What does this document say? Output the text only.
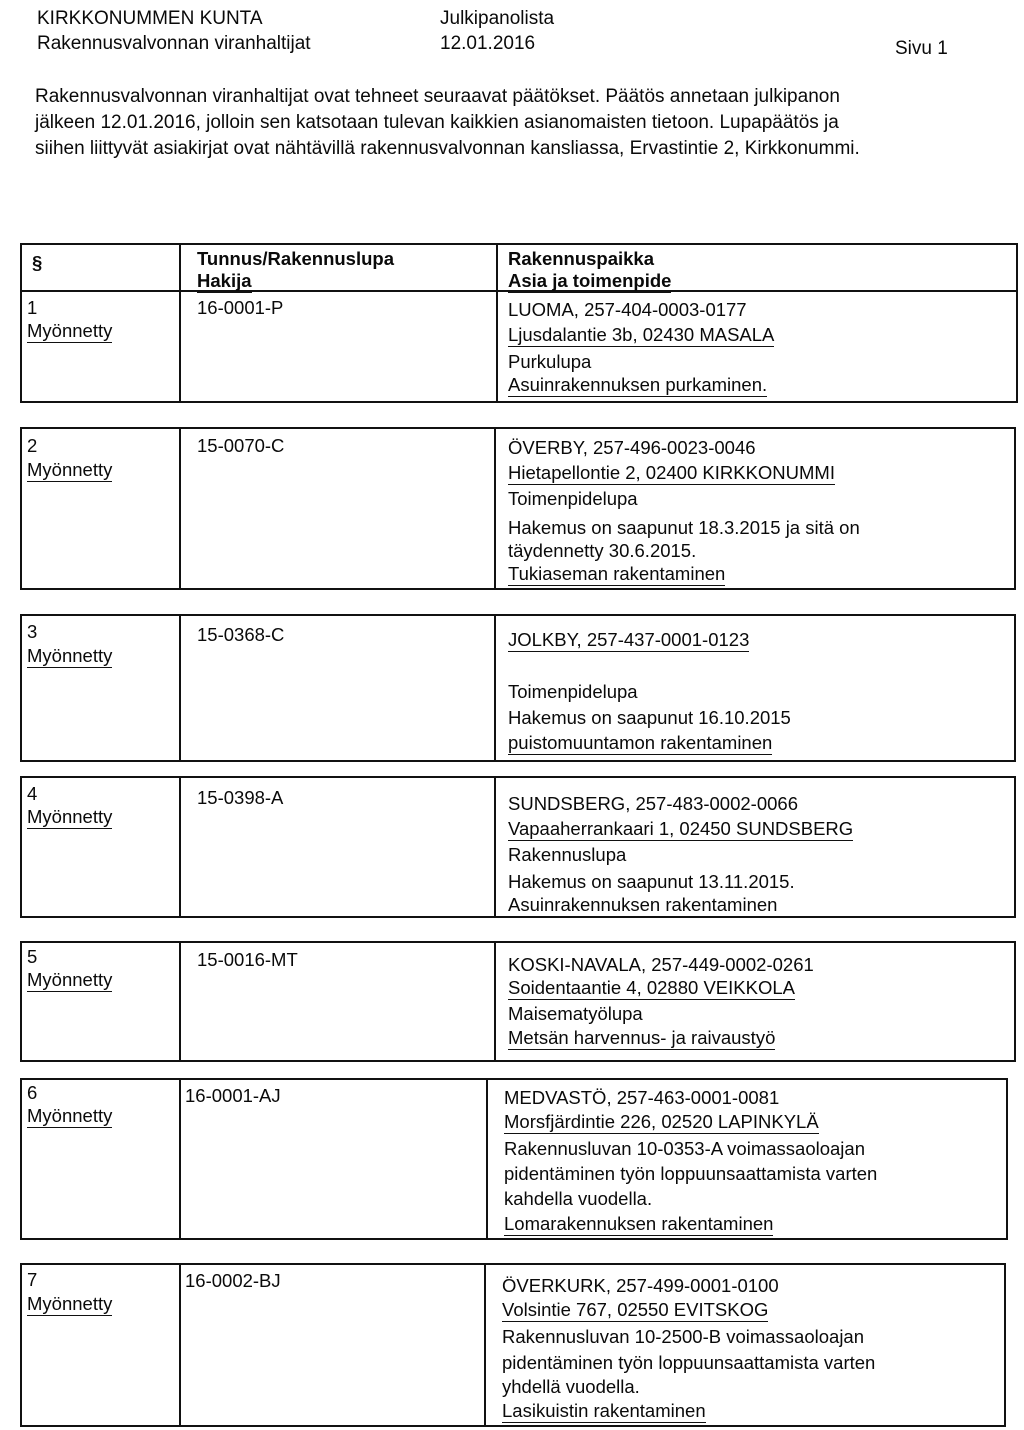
KIRKKONUMMEN KUNTA
Rakennusvalvonnan viranhaltijat
Julkipanolista
12.01.2016	Sivu 1
Rakennusvalvonnan viranhaltijat ovat tehneet seuraavat päätökset. Päätös annetaan julkipanon
jälkeen 12.01.2016, jolloin sen katsotaan tulevan kaikkien asianomaisten tietoon. Lupapäätös ja
siihen liittyvät asiakirjat ovat nähtävillä rakennusvalvonnan kansliassa, Ervastintie 2, Kirkkonummi.
§	Tunnus/Rakennuslupa
Hakija
Rakennuspaikka
Asia ja toimenpide
1
Myönnetty
16-0001-P	LUOMA, 257-404-0003-0177
Ljusdalantie 3b, 02430 MASALA
Purkulupa
Asuinrakennuksen purkaminen.
2
Myönnetty
15-0070-C	ÖVERBY, 257-496-0023-0046
Hietapellontie 2, 02400 KIRKKONUMMI
Toimenpidelupa
Hakemus on saapunut 18.3.2015 ja sitä on
täydennetty 30.6.2015.
Tukiaseman rakentaminen
3
Myönnetty
15-0368-C	JOLKBY, 257-437-0001-0123
Toimenpidelupa
Hakemus on saapunut 16.10.2015
puistomuuntamon rakentaminen
4
Myönnetty
15-0398-A	SUNDSBERG, 257-483-0002-0066
Vapaaherrankaari 1, 02450 SUNDSBERG
Rakennuslupa
Hakemus on saapunut 13.11.2015.
Asuinrakennuksen rakentaminen
5
Myönnetty
15-0016-MT	KOSKI-NAVALA, 257-449-0002-0261
Soidentaantie 4, 02880 VEIKKOLA
Maisematyölupa
Metsän harvennus- ja raivaustyö
6
Myönnetty
16-0001-AJ	MEDVASTÖ, 257-463-0001-0081
Morsfjärdintie 226, 02520 LAPINKYLÄ
Rakennusluvan 10-0353-A voimassaoloajan
pidentäminen työn loppuunsaattamista varten
kahdella vuodella.
Lomarakennuksen rakentaminen
7
Myönnetty
16-0002-BJ	ÖVERKURK, 257-499-0001-0100
Volsintie 767, 02550 EVITSKOG
Rakennusluvan 10-2500-B voimassaoloajan
pidentäminen työn loppuunsaattamista varten
yhdellä vuodella.
Lasikuistin rakentaminen
